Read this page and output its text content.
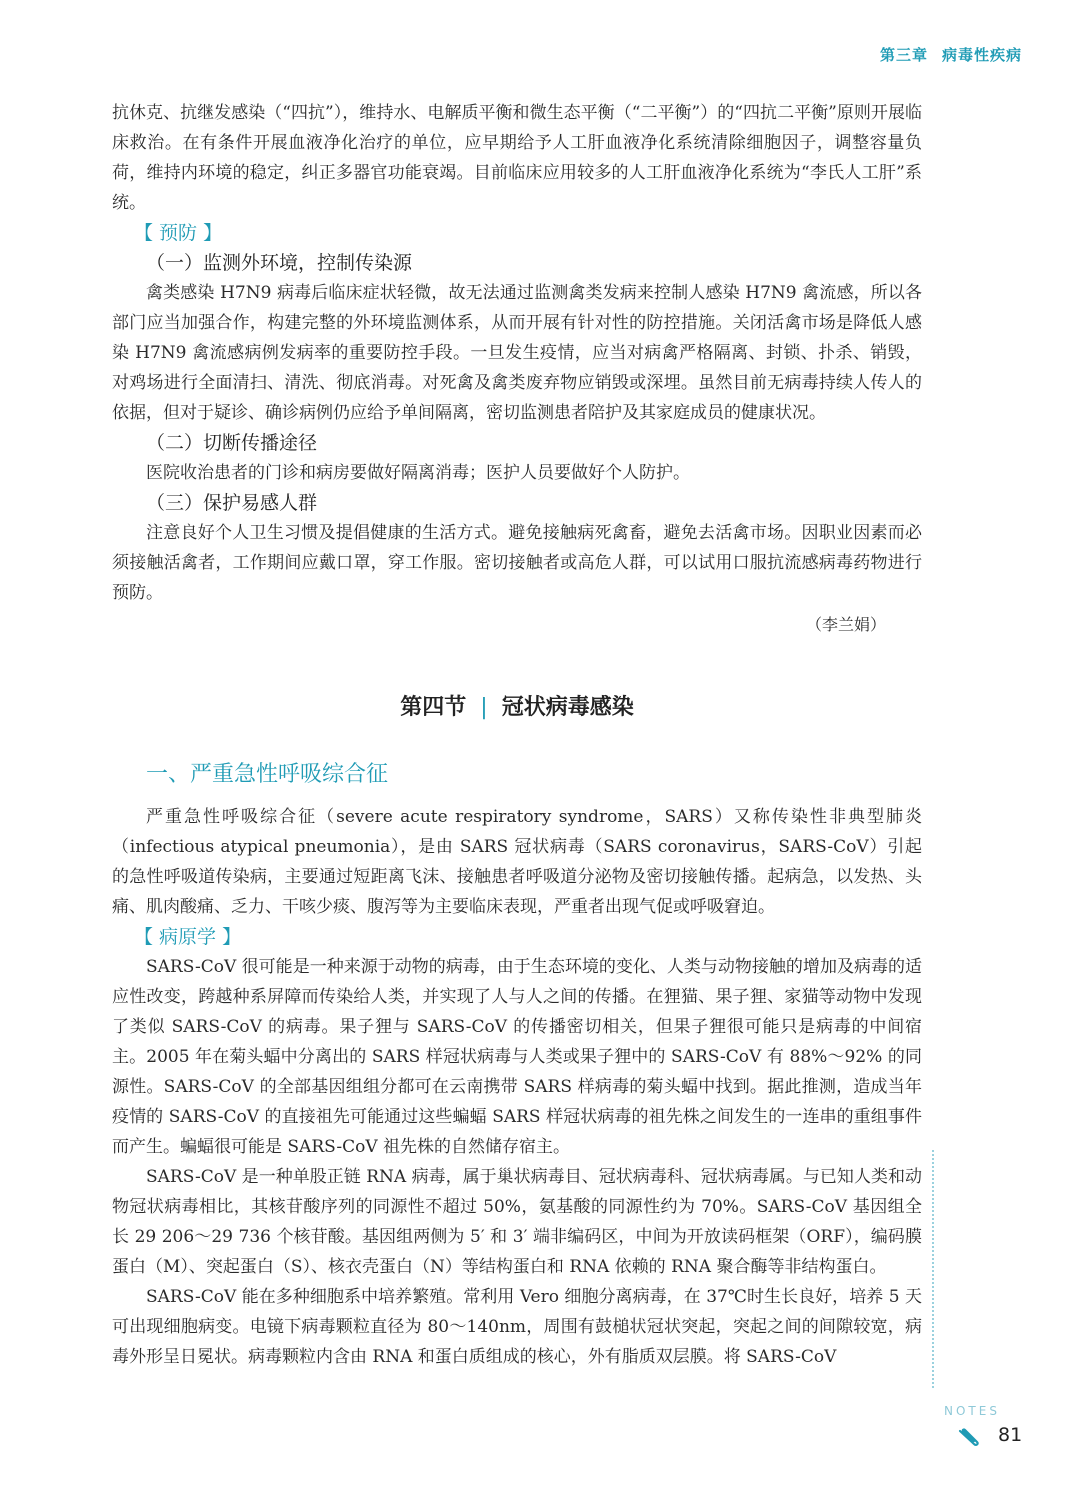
第三章 病毒性疾病

抗休克、抗继发感染（“四抗”），维持水、电解质平衡和微生态平衡（“二平衡”）的“四抗二平衡”原则开展临床救治。在有条件开展血液净化治疗的单位，应早期给予人工肝血液净化系统清除细胞因子，调整容量负荷，维持内环境的稳定，纠正多器官功能衰竭。目前临床应用较多的人工肝血液净化系统为“李氏人工肝”系统。

【 预防 】
（一）监测外环境，控制传染源

禽类感染 H7N9 病毒后临床症状轻微，故无法通过监测禽类发病来控制人感染 H7N9 禽流感，所以各部门应当加强合作，构建完整的外环境监测体系，从而开展有针对性的防控措施。关闭活禽市场是降低人感染 H7N9 禽流感病例发病率的重要防控手段。一旦发生疫情，应当对病禽严格隔离、封锁、扑杀、销毁，对鸡场进行全面清扫、清洗、彻底消毒。对死禽及禽类废弃物应销毁或深埋。虽然目前无病毒持续人传人的依据，但对于疑诊、确诊病例仍应给予单间隔离，密切监测患者陪护及其家庭成员的健康状况。

（二）切断传播途径

医院收治患者的门诊和病房要做好隔离消毒；医护人员要做好个人防护。

（三）保护易感人群

注意良好个人卫生习惯及提倡健康的生活方式。避免接触病死禽畜，避免去活禽市场。因职业因素而必须接触活禽者，工作期间应戴口罩，穿工作服。密切接触者或高危人群，可以试用口服抗流感病毒药物进行预防。

（李兰娟）
第四节 | 冠状病毒感染
一、严重急性呼吸综合征

严重急性呼吸综合征（severe acute respiratory syndrome，SARS）又称传染性非典型肺炎（infectious atypical pneumonia），是由 SARS 冠状病毒（SARS coronavirus，SARS-CoV）引起的急性呼吸道传染病，主要通过短距离飞沫、接触患者呼吸道分泌物及密切接触传播。起病急，以发热、头痛、肌肉酸痛、乏力、干咳少痰、腹泻等为主要临床表现，严重者出现气促或呼吸窘迫。

【 病原学 】

SARS-CoV 很可能是一种来源于动物的病毒，由于生态环境的变化、人类与动物接触的增加及病毒的适应性改变，跨越种系屏障而传染给人类，并实现了人与人之间的传播。在狸猫、果子狸、家猫等动物中发现了类似 SARS-CoV 的病毒。果子狸与 SARS-CoV 的传播密切相关，但果子狸很可能只是病毒的中间宿主。2005 年在菊头蝠中分离出的 SARS 样冠状病毒与人类或果子狸中的 SARS-CoV 有 88%～92% 的同源性。SARS-CoV 的全部基因组组分都可在云南携带 SARS 样病毒的菊头蝠中找到。据此推测，造成当年疫情的 SARS-CoV 的直接祖先可能通过这些蝙蝠 SARS 样冠状病毒的祖先株之间发生的一连串的重组事件而产生。蝙蝠很可能是 SARS-CoV 祖先株的自然储存宿主。

SARS-CoV 是一种单股正链 RNA 病毒，属于巢状病毒目、冠状病毒科、冠状病毒属。与已知人类和动物冠状病毒相比，其核苷酸序列的同源性不超过 50%，氨基酸的同源性约为 70%。SARS-CoV 基因组全长 29 206～29 736 个核苷酸。基因组两侧为 5′ 和 3′ 端非编码区，中间为开放读码框架（ORF），编码膜蛋白（M）、突起蛋白（S）、核衣壳蛋白（N）等结构蛋白和 RNA 依赖的 RNA 聚合酶等非结构蛋白。

SARS-CoV 能在多种细胞系中培养繁殖。常利用 Vero 细胞分离病毒，在 37℃时生长良好，培养 5 天可出现细胞病变。电镜下病毒颗粒直径为 80～140nm，周围有鼓槌状冠状突起，突起之间的间隙较宽，病毒外形呈日冕状。病毒颗粒内含由 RNA 和蛋白质组成的核心，外有脂质双层膜。将 SARS-CoV

NOTES
81
